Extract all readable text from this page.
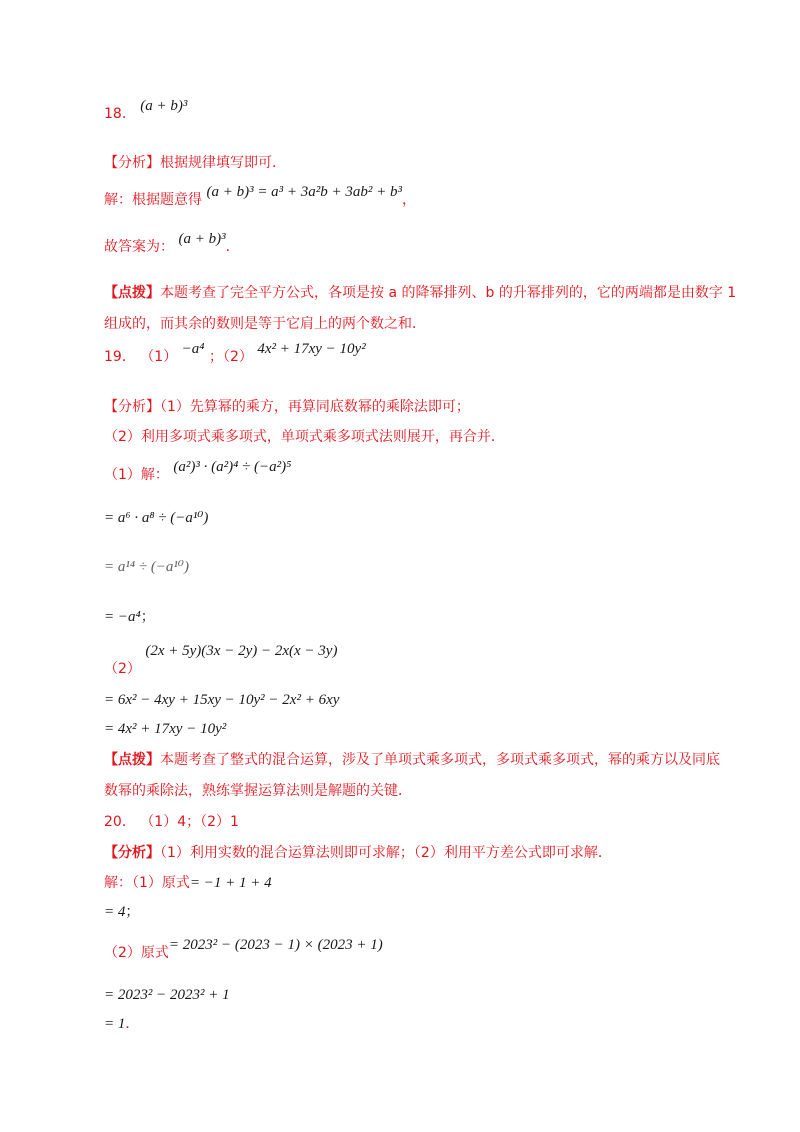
18． (a + b)³
【分析】根据规律填写即可．
解：根据题意得 (a + b)³ = a³ + 3a²b + 3ab² + b³，
故答案为： (a + b)³．
【点拨】本题考查了完全平方公式，各项是按 a 的降幂排列、b 的升幂排列的，它的两端都是由数字 1
组成的，而其余的数则是等于它肩上的两个数之和．
19． （1） −a⁴ ；（2） 4x² + 17xy − 10y²
【分析】（1）先算幂的乘方，再算同底数幂的乘除法即可；
（2）利用多项式乘多项式，单项式乘多项式法则展开，再合并．
（1）解： (a²)³ · (a²)⁴ ÷ (−a²)⁵
= a⁶ · a⁸ ÷ (−a¹⁰)
= a¹⁴ ÷ (−a¹⁰)
= −a⁴；
（2） (2x + 5y)(3x − 2y) − 2x(x − 3y)
= 6x² − 4xy + 15xy − 10y² − 2x² + 6xy
= 4x² + 17xy − 10y²
【点拨】本题考查了整式的混合运算，涉及了单项式乘多项式，多项式乘多项式，幂的乘方以及同底
数幂的乘除法，熟练掌握运算法则是解题的关键．
20． （1）4；（2）1
【分析】（1）利用实数的混合运算法则即可求解；（2）利用平方差公式即可求解．
解：（1）原式= −1 + 1 + 4
= 4；
（2）原式= 2023² − (2023 − 1) × (2023 + 1)
= 2023² − 2023² + 1
= 1．
